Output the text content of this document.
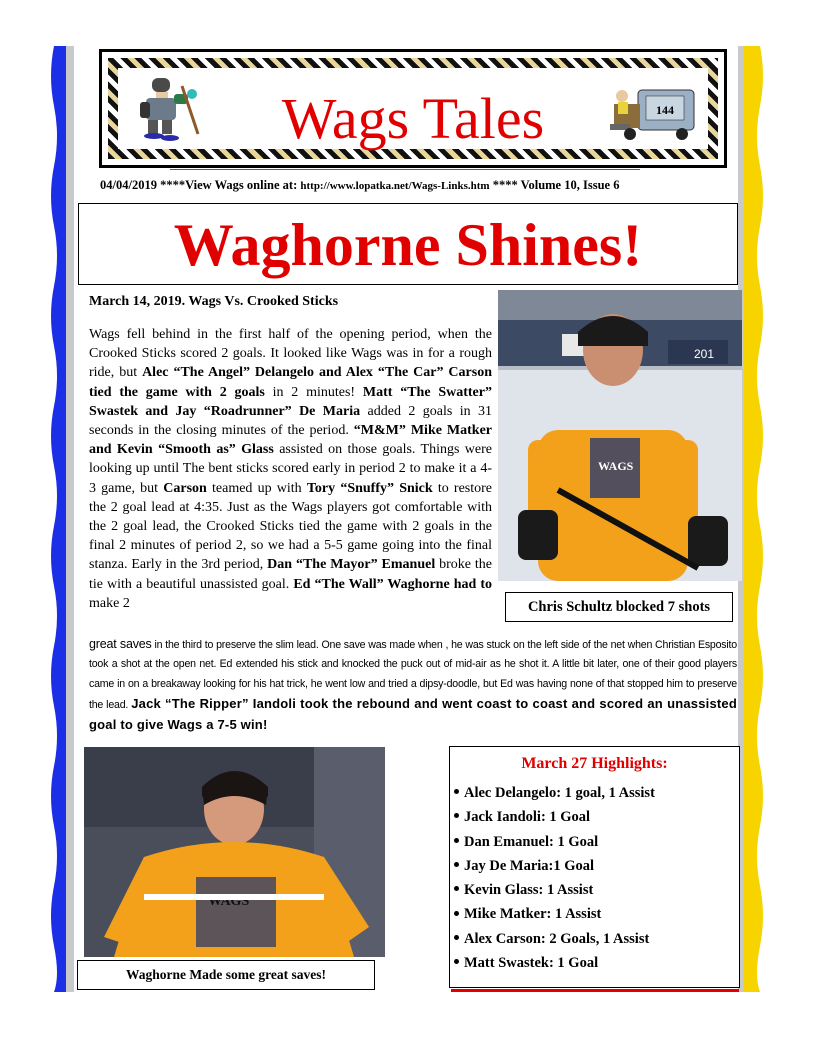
Wags Tales	144
04/04/2019 ****View Wags online at: http://www.lopatka.net/Wags-Links.htm **** Volume 10, Issue 6
Waghorne Shines!
March 14, 2019. Wags Vs. Crooked Sticks
Wags fell behind in the first half of the opening period, when the Crooked Sticks scored 2 goals. It looked like Wags was in for a rough ride, but Alec “The Angel” Delangelo and Alex “The Car” Carson tied the game with 2 goals in 2 minutes! Matt “The Swatter” Swastek and Jay “Roadrunner” De Maria added 2 goals in 31 seconds in the closing minutes of the period. “M&M” Mike Matker and Kevin “Smooth as” Glass assisted on those goals. Things were looking up until The bent sticks scored early in period 2 to make it a 4-3 game, but Carson teamed up with Tory “Snuffy” Snick to restore the 2 goal lead at 4:35. Just as the Wags players got comfortable with the 2 goal lead, the Crooked Sticks tied the game with 2 goals in the final 2 minutes of period 2, so we had a 5-5 game going into the final stanza. Early in the 3rd period, Dan “The Mayor” Emanuel broke the tie with a beautiful unassisted goal. Ed “The Wall” Waghorne had to make 2
201
WAGS
Chris Schultz blocked 7 shots
great saves in the third to preserve the slim lead. One save was made when , he was stuck on the left side of the net when Christian Esposito took a shot at the open net. Ed extended his stick and knocked the puck out of mid-air as he shot it. A little bit later, one of their good players came in on a breakaway looking for his hat trick, he went low and tried a dipsy-doodle, but Ed was having none of that stopped him to preserve the lead. Jack “The Ripper” Iandoli took the rebound and went coast to coast and scored an unassisted goal to give Wags a 7-5 win!
WAGS
Waghorne Made some great saves!
March 27 Highlights:
Alec Delangelo: 1 goal, 1 Assist
Jack Iandoli: 1 Goal
Dan Emanuel: 1 Goal
Jay De Maria:1 Goal
Kevin Glass: 1 Assist
Mike Matker: 1 Assist
Alex Carson: 2 Goals, 1 Assist
Matt Swastek: 1 Goal
